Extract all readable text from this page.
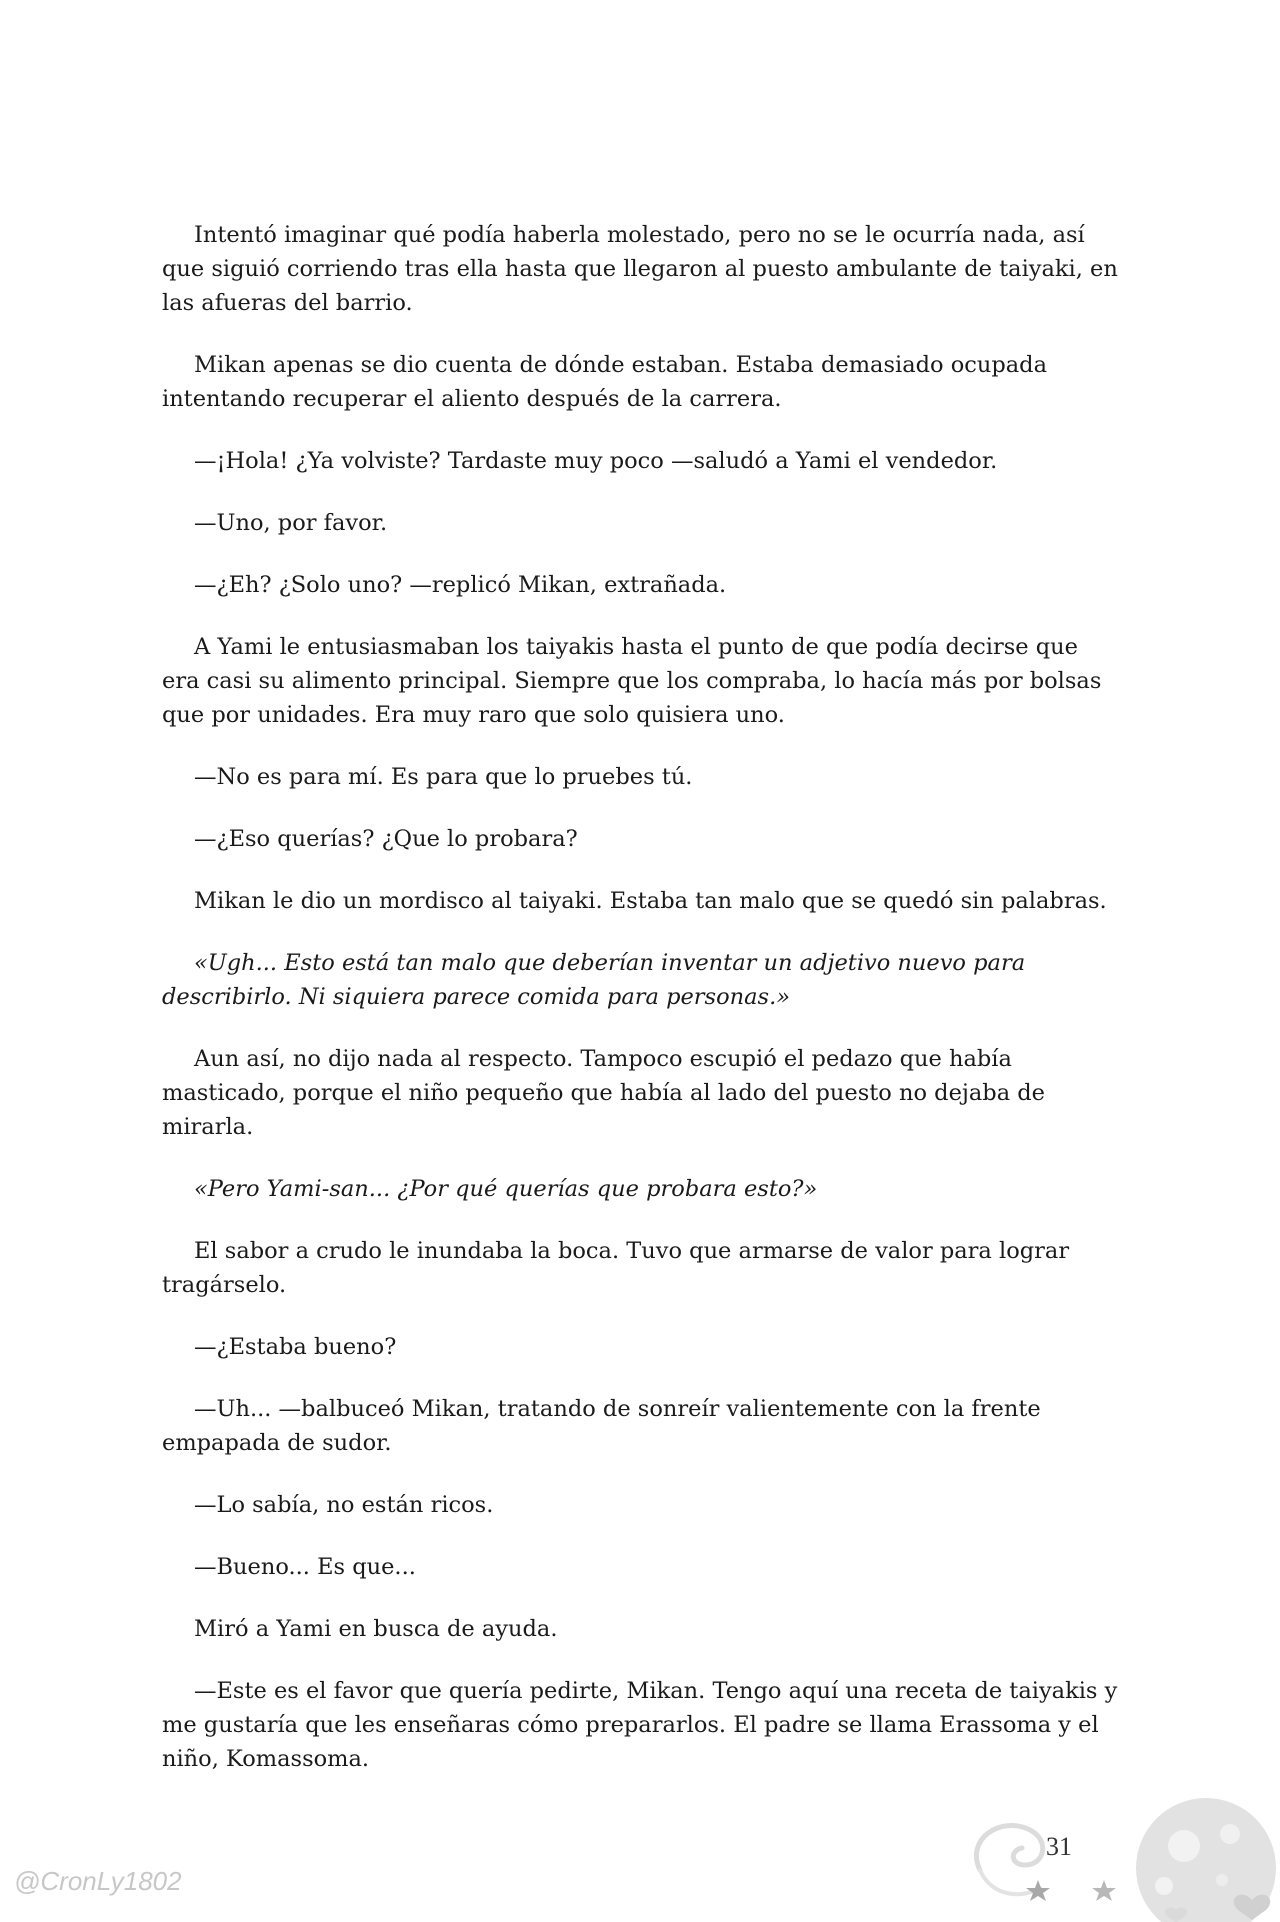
Intentó imaginar qué podía haberla molestado, pero no se le ocurría nada, así que siguió corriendo tras ella hasta que llegaron al puesto ambulante de taiyaki, en las afueras del barrio.

Mikan apenas se dio cuenta de dónde estaban. Estaba demasiado ocupada intentando recuperar el aliento después de la carrera.

—¡Hola! ¿Ya volviste? Tardaste muy poco —saludó a Yami el vendedor.

—Uno, por favor.

—¿Eh? ¿Solo uno? —replicó Mikan, extrañada.

A Yami le entusiasmaban los taiyakis hasta el punto de que podía decirse que era casi su alimento principal. Siempre que los compraba, lo hacía más por bolsas que por unidades. Era muy raro que solo quisiera uno.

—No es para mí. Es para que lo pruebes tú.

—¿Eso querías? ¿Que lo probara?

Mikan le dio un mordisco al taiyaki. Estaba tan malo que se quedó sin palabras.

«Ugh... Esto está tan malo que deberían inventar un adjetivo nuevo para describirlo. Ni siquiera parece comida para personas.»

Aun así, no dijo nada al respecto. Tampoco escupió el pedazo que había masticado, porque el niño pequeño que había al lado del puesto no dejaba de mirarla.

«Pero Yami-san... ¿Por qué querías que probara esto?»

El sabor a crudo le inundaba la boca. Tuvo que armarse de valor para lograr tragárselo.

—¿Estaba bueno?

—Uh... —balbuceó Mikan, tratando de sonreír valientemente con la frente empapada de sudor.

—Lo sabía, no están ricos.

—Bueno... Es que...

Miró a Yami en busca de ayuda.

—Este es el favor que quería pedirte, Mikan. Tengo aquí una receta de taiyakis y me gustaría que les enseñaras cómo prepararlos. El padre se llama Erassoma y el niño, Komassoma.

31
@CronLy1802
